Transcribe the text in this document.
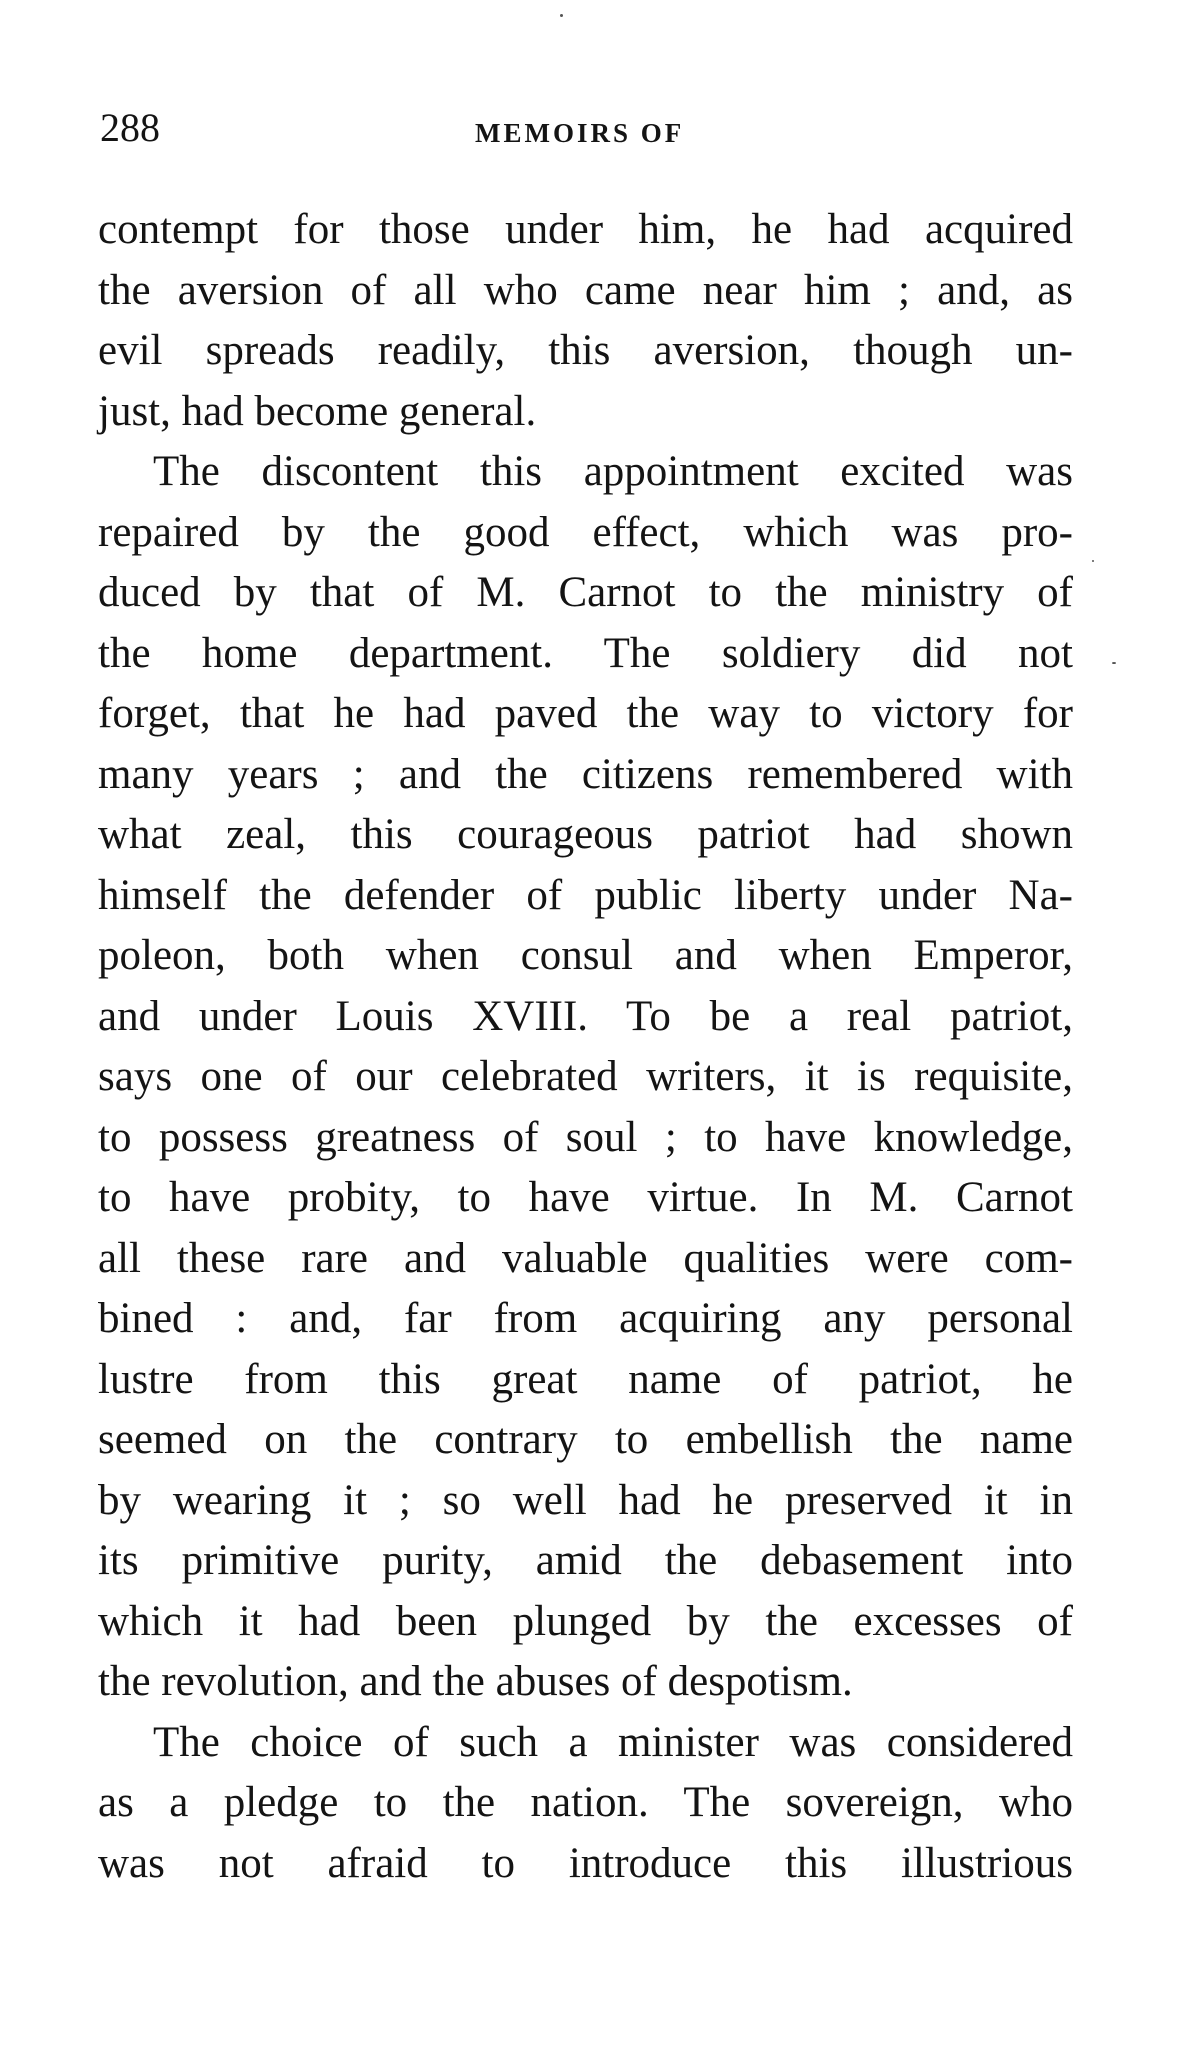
288	MEMOIRS OF
contempt for those under him, he had acquired
the aversion of all who came near him ; and, as
evil spreads readily, this aversion, though un-
just, had become general.
The discontent this appointment excited was
repaired by the good effect, which was pro-
duced by that of M. Carnot to the ministry of
the home department. The soldiery did not
forget, that he had paved the way to victory for
many years ; and the citizens remembered with
what zeal, this courageous patriot had shown
himself the defender of public liberty under Na-
poleon, both when consul and when Emperor,
and under Louis XVIII. To be a real patriot,
says one of our celebrated writers, it is requisite,
to possess greatness of soul ; to have knowledge,
to have probity, to have virtue. In M. Carnot
all these rare and valuable qualities were com-
bined : and, far from acquiring any personal
lustre from this great name of patriot, he
seemed on the contrary to embellish the name
by wearing it ; so well had he preserved it in
its primitive purity, amid the debasement into
which it had been plunged by the excesses of
the revolution, and the abuses of despotism.
The choice of such a minister was considered
as a pledge to the nation. The sovereign, who
was not afraid to introduce this illustrious
